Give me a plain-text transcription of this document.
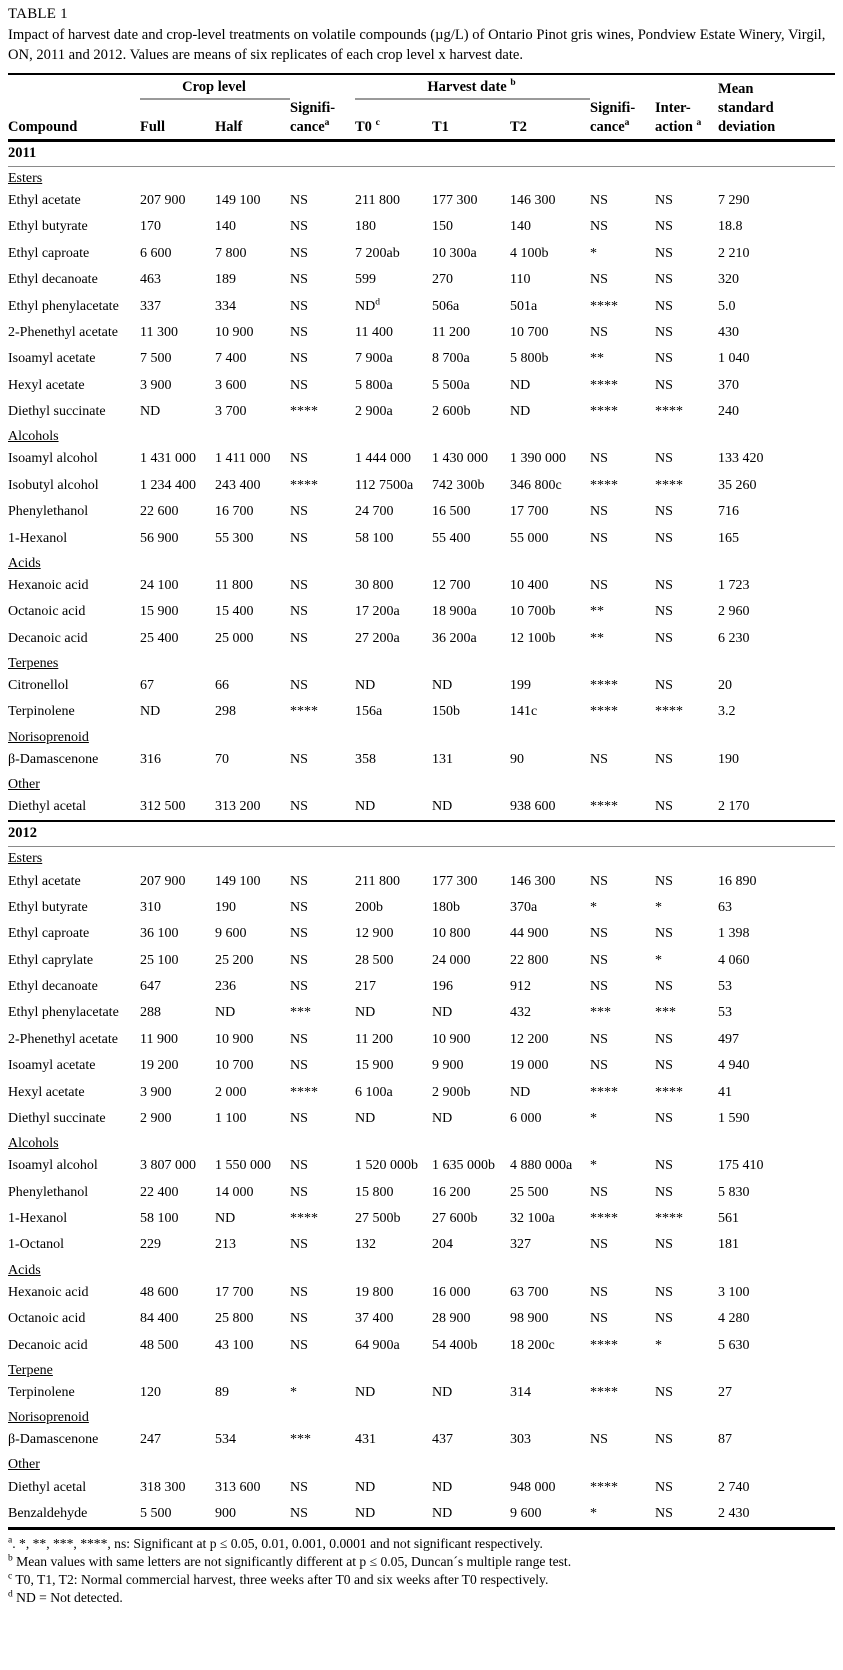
TABLE 1
Impact of harvest date and crop-level treatments on volatile compounds (µg/L) of Ontario Pinot gris wines, Pondview Estate Winery, Virgil, ON, 2011 and 2012. Values are means of six replicates of each crop level x harvest date.
	Crop level			Harvest date $^b$					Mean
			Signifi-				Signifi-	Inter-	standard
Compound	Full	Half	cance$^a$	T0 $^c$	T1	T2	cance$^a$	action $^a$	deviation
2011									
Esters									
Ethyl acetate	207 900	149 100	NS	211 800	177 300	146 300	NS	NS	7 290
Ethyl butyrate	170	140	NS	180	150	140	NS	NS	18.8
Ethyl caproate	6 600	7 800	NS	7 200ab	10 300a	4 100b	*	NS	2 210
Ethyl decanoate	463	189	NS	599	270	110	NS	NS	320
Ethyl phenylacetate	337	334	NS	$ND^d$	506a	501a	****	NS	5.0
2-Phenethyl acetate	11 300	10 900	NS	11 400	11 200	10 700	NS	NS	430
Isoamyl acetate	7 500	7 400	NS	7 900a	8 700a	5 800b	**	NS	1 040
Hexyl acetate	3 900	3 600	NS	5 800a	5 500a	ND	****	NS	370
Diethyl succinate	ND	3 700	****	2 900a	2 600b	ND	****	****	240
Alcohols									
Isoamyl alcohol	1 431 000	1 411 000	NS	1 444 000	1 430 000	1 390 000	NS	NS	133 420
Isobutyl alcohol	1 234 400	243 400	****	112 7500a	742 300b	346 800c	****	****	35 260
Phenylethanol	22 600	16 700	NS	24 700	16 500	17 700	NS	NS	716
1-Hexanol	56 900	55 300	NS	58 100	55 400	55 000	NS	NS	165
Acids									
Hexanoic acid	24 100	11 800	NS	30 800	12 700	10 400	NS	NS	1 723
Octanoic acid	15 900	15 400	NS	17 200a	18 900a	10 700b	**	NS	2 960
Decanoic acid	25 400	25 000	NS	27 200a	36 200a	12 100b	**	NS	6 230
Terpenes									
Citronellol	67	66	NS	ND	ND	199	****	NS	20
Terpinolene	ND	298	****	156a	150b	141c	****	****	3.2
Norisoprenoid									
β-Damascenone	316	70	NS	358	131	90	NS	NS	190
Other									
Diethyl acetal	312 500	313 200	NS	ND	ND	938 600	****	NS	2 170
2012									
Esters									
Ethyl acetate	207 900	149 100	NS	211 800	177 300	146 300	NS	NS	16 890
Ethyl butyrate	310	190	NS	200b	180b	370a	*	*	63
Ethyl caproate	36 100	9 600	NS	12 900	10 800	44 900	NS	NS	1 398
Ethyl caprylate	25 100	25 200	NS	28 500	24 000	22 800	NS	*	4 060
Ethyl decanoate	647	236	NS	217	196	912	NS	NS	53
Ethyl phenylacetate	288	ND	***	ND	ND	432	***	***	53
2-Phenethyl acetate	11 900	10 900	NS	11 200	10 900	12 200	NS	NS	497
Isoamyl acetate	19 200	10 700	NS	15 900	9 900	19 000	NS	NS	4 940
Hexyl acetate	3 900	2 000	****	6 100a	2 900b	ND	****	****	41
Diethyl succinate	2 900	1 100	NS	ND	ND	6 000	*	NS	1 590
Alcohols									
Isoamyl alcohol	3 807 000	1 550 000	NS	1 520 000b	1 635 000b	4 880 000a	*	NS	175 410
Phenylethanol	22 400	14 000	NS	15 800	16 200	25 500	NS	NS	5 830
1-Hexanol	58 100	ND	****	27 500b	27 600b	32 100a	****	****	561
1-Octanol	229	213	NS	132	204	327	NS	NS	181
Acids									
Hexanoic acid	48 600	17 700	NS	19 800	16 000	63 700	NS	NS	3 100
Octanoic acid	84 400	25 800	NS	37 400	28 900	98 900	NS	NS	4 280
Decanoic acid	48 500	43 100	NS	64 900a	54 400b	18 200c	****	*	5 630
Terpene									
Terpinolene	120	89	*	ND	ND	314	****	NS	27
Norisoprenoid									
β-Damascenone	247	534	***	431	437	303	NS	NS	87
Other									
Diethyl acetal	318 300	313 600	NS	ND	ND	948 000	****	NS	2 740
Benzaldehyde	5 500	900	NS	ND	ND	9 600	*	NS	2 430
$^a$. *, **, ***, ****, ns: Significant at p ≤ 0.05, 0.01, 0.001, 0.0001 and not significant respectively.
$^b$ Mean values with same letters are not significantly different at p ≤ 0.05, Duncan´s multiple range test.
$^c$ T0, T1, T2: Normal commercial harvest, three weeks after T0 and six weeks after T0 respectively.
$^d$ ND = Not detected.
